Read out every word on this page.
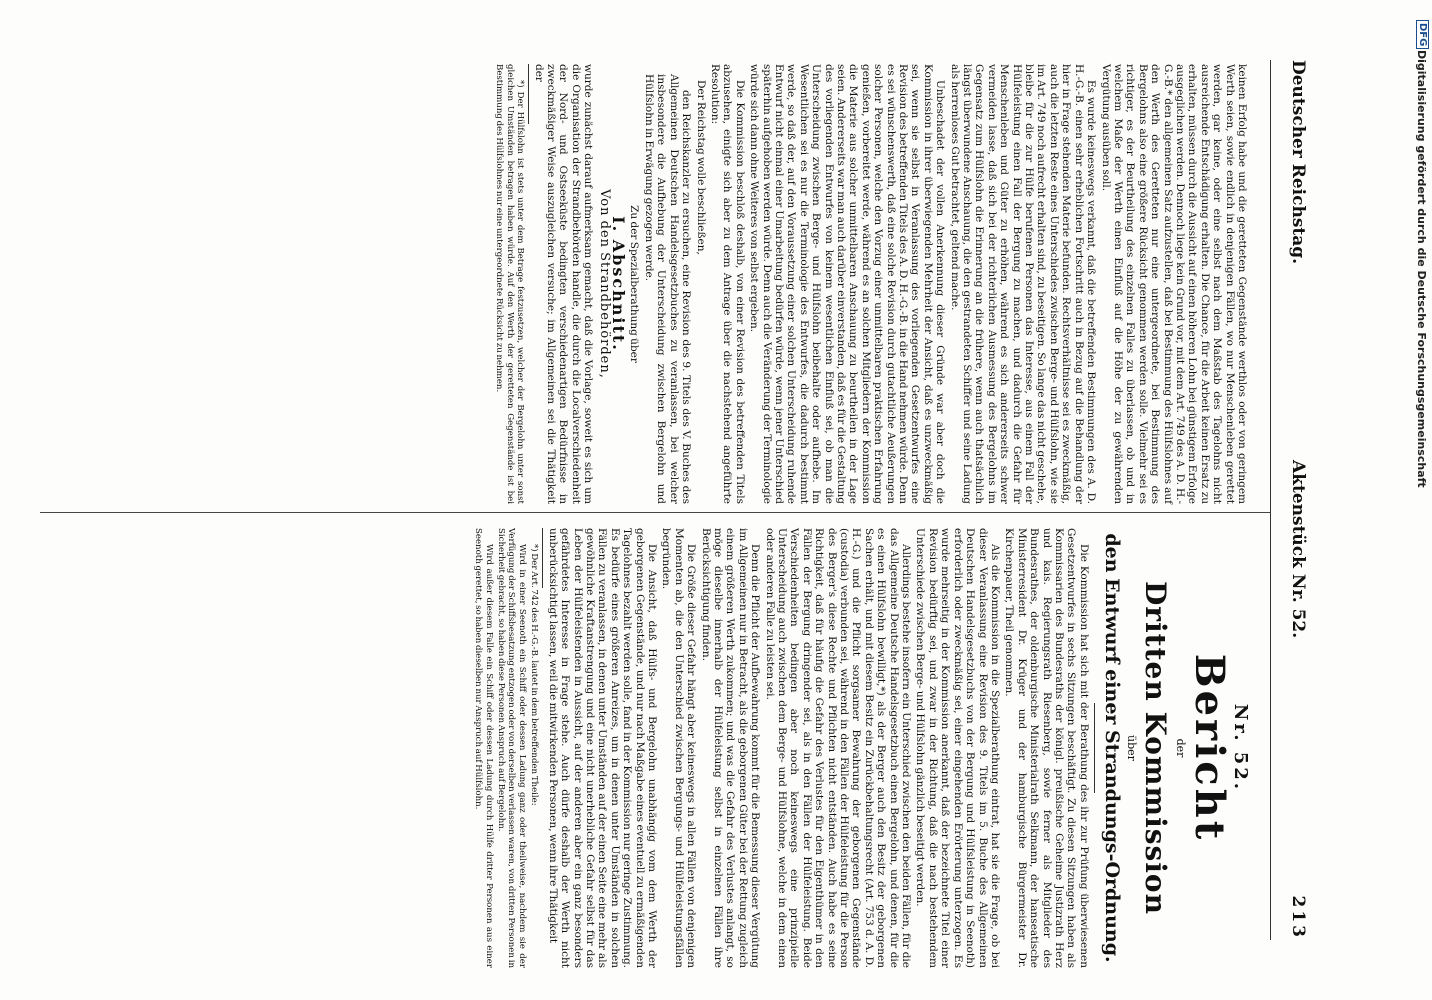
Deutscher Reichstag.
Aktenstück Nr. 52.
213
Nr. 52.
Bericht
der
Dritten Kommission
über
den Entwurf einer Strandungs-Ordnung.

Die Kommission hat sich mit der Berathung des ihr zur Prüfung überwiesenen Gesetzentwurfes in sechs Sitzungen beschäftigt. Zu diesen Sitzungen haben als Kommissarien des Bundesraths der königl. preußische Geheime Justizrath Herz und kais. Regierungsrath Riesenberg, sowie ferner als Mitglieder des Bundesrathes, der oldenburgische Ministerialrath Selkmann, der hanseatische Ministerresident Dr. Krüger und der hamburgische Bürgermeister Dr. Kirchenpauer, Theil genommen.

Als die Kommission in die Spezialberathung eintrat, hat sie die Frage, ob bei dieser Veranlassung eine Revision des 9. Titels im 5. Buche des Allgemeinen Deutschen Handelsgesetzbuchs von der Bergung und Hülfsleistung in Seenoth) erforderlich oder zweckmäßig sei, einer eingehenden Erörterung unterzogen. Es wurde mehrseitig in der Kommission anerkannt, daß der bezeichnete Titel einer Revision bedürftig sei, und zwar in der Richtung, daß die nach bestehendem Unterschiede zwischen Berge- und Hülfslohn gänzlich beseitigt werden.

Allerdings bestehe insofern ein Unterschied zwischen den beiden Fällen, für die das Allgemeine Deutsche Handelsgesetzbuch einen Bergelohn, und denen, für die es einen Hülfslohn bewilligt,*) als der Berger auch den Besitz der geborgenen Sachen erhält, und mit diesem Besitz ein Zurückbehaltungsrecht (Art. 753 d. A. D. H.-G.) und die Pflicht sorgsamer Bewahrung der geborgenen Gegenstände (custodia) verbunden sei, während in den Fällen der Hülfeleistung für die Person des Berger's diese Rechte und Pflichten nicht entständen. Auch habe es seine Richtigkeit, daß für häufig die Gefahr des Verlustes für den Eigenthümer in den Fällen der Bergung dringender sei, als in den Fällen der Hülfeleistung. Beide Verschiedenheiten bedingen aber noch keineswegs eine prinzipielle Unterscheidung auch zwischen dem Berge- und Hülfslohne, welche in dem einen oder anderen Falle zu leisten sei.

Denn die Pflicht der Aufbewahrung kommt für die Bemessung dieser Vergütung im Allgemeinen nur in Betracht, als die geborgenen Güter bei der Rettung zugleich einem größeren Werth zukommen; und was die Gefahr des Verlustes anlangt, so möge dieselbe innerhalb der Hülfeleistung selbst in einzelnen Fällen ihre Berücksichtigung finden.

Die Größe dieser Gefahr hängt aber keineswegs in allen Fällen von denjenigen Momenten ab, die den Unterschied zwischen Bergungs- und Hülfeleistungsfällen begründen.

Die Ansicht, daß Hülfs- und Bergelohn unabhängig vom dem Werth der geborgenen Gegenstände, und nur nach Maßgabe eines eventuell zu ermäßigenden Tagelohnes bezahlt werden solle, fand in der Kommission nur geringe Zustimmung. Es bedürfe eines größeren Anreizes, um in denen unter Umständen in solchen Fällen zu veranlassen, in denen unter Umständen auf der einen Seite eine mehr als gewöhnliche Kraftanstrengung und eine nicht unerhebliche Gefahr selbst für das Leben der Hülfeleistenden in Aussicht, auf der anderen aber ein ganz besonders gefährdetes Interesse in Frage stehe. Auch dürfe deshalb der Werth nicht unberücksichtigt lassen, weil die mitwirkenden Personen, wenn ihre Thätigkeit

*) Der Art. 742 des H.-G.-B. lautet in dem betreffenden Theile:

Wird in einer Seenoth ein Schiff oder dessen Ladung ganz oder theilweise, nachdem sie der Verfügung der Schiffsbesatzung entzogen oder von derselben verlassen waren, von dritten Personen in Sicherheit gebracht, so haben diese Personen Anspruch auf Bergelohn.

Wird außer diesem Falle ein Schiff oder dessen Ladung durch Hülfe dritter Personen aus einer Seenoth gerettet, so haben dieselben nur Anspruch auf Hülfslohn.

keinen Erfolg habe und die geretteten Gegenstände werthlos oder von geringem Werth seien, sowie endlich in denjenigen Fällen, wo nur Menschenleben gerettet werden, gar keine, oder eine selbst nach dem Maßstab des Tagelohns nicht ausreichende Entschädigung erhalten. Die Chance, für die Arbeit keinen Ersatz zu erhalten, müssen durch die Aussicht auf einen höheren Lohn bei günstigem Erfolge ausgeglichen werden. Dennoch liege kein Grund vor, mit dem Art. 749 des A. D. H.-G.-B.* den allgemeinen Satz aufzustellen, daß bei Bestimmung des Hülfslohnes auf den Werth des Geretteten nur eine untergeordnete, bei Bestimmung des Bergelohns also eine größere Rücksicht genommen werden solle. Vielmehr sei es richtiger, es der Beurtheilung des einzelnen Falles zu überlassen, ob und in welchem Maße der Werth einen Einfluß auf die Höhe der zu gewährenden Vergütung ausüben soll.

Es wurde keineswegs verkannt, daß die betreffenden Bestimmungen des A. D. H.-G.-B. einen sehr erheblichen Fortschritt auch in Bezug auf die Behandlung der hier in Frage stehenden Materie befunden. Rechtsverhältnisse sei es zweckmäßig, auch die letzten Reste eines Unterschiedes zwischen Berge- und Hülfslohn, wie sie im Art. 749 noch aufrecht erhalten sind, zu beseitigen. So lange das nicht geschehe, bleibe für die zur Hülfe berufenen Personen das Interesse, aus einem Fall der Hülfeleistung einen Fall der Bergung zu machen, und dadurch die Gefahr für Menschenleben und Güter zu erhöhen, während es sich andererseits schwer vermeiden lasse, daß sich bei der richterlichen Ausmessung des Bergelohns im Gegensatz zum Hülfslohn die Erinnerung an die frühere, wenn auch thatsächlich längst überwundene Anschauung, die den gestrandeten Schiffer und seine Ladung als herrenloses Gut betrachtet, geltend mache.

Unbeschadet der vollen Anerkennung dieser Gründe war aber doch die Kommission in ihrer überwiegenden Mehrheit der Ansicht, daß es unzweckmäßig sei, wenn sie selbst in Veranlassung des vorliegenden Gesetzentwurfes eine Revision des betreffenden Titels des A. D. H.-G.-B. in die Hand nehmen würde. Denn es sei wünschenswerth, daß eine solche Revision durch gutachtliche Aeußerungen solcher Personen, welche den Vorzug einer unmittelbaren praktischen Erfahrung genießen, vorbereitet werde, während es an solchen Mitgliedern der Kommission die Materie aus solcher unmittelbaren Anschauung zu beurtheilen in der Lage seien. Andererseits war man auch darüber einverstanden, daß es für die Gestaltung des vorliegenden Entwurfes von keinem wesentlichen Einfluß sei, ob man die Unterscheidung zwischen Berge- und Hülfslohn beibehalte oder aufhebe. Im Wesentlichen sei es nur die Terminologie des Entwurfes, die dadurch bestimmt werde, so daß der, auf den Voraussetzung einer solchen Unterscheidung ruhende Entwurf nicht einmal einer Umarbeitung bedürfen würde, wenn jener Unterschied späterhin aufgehoben werden würde. Denn auch die Veränderung der Terminologie würde sich dann ohne Weiteres von selbst ergeben.

Die Kommission beschloß deshalb, von einer Revision des betreffenden Titels abzusehen, einigte sich aber zu dem Antrage über die nachstehend angeführte Resolution:

Der Reichstag wolle beschließen,

den Reichskanzler zu ersuchen, eine Revision des 9. Titels des V. Buches des Allgemeinen Deutschen Handelsgesetzbuches zu veranlassen, bei welcher insbesondere die Aufhebung der Unterscheidung zwischen Bergelohn und Hülfslohn in Erwägung gezogen werde.

Zu der Spezialberathung über

I. Abschnitt.
Von den Strandbehörden,

wurde zunächst darauf aufmerksam gemacht, daß die Vorlage, soweit es sich um die Organisation der Strandbehörden handle, die durch die Localverschiedenheit der Nord- und Ostseeküste bedingten verschiedenartigen Bedürfnisse in zweckmäßiger Weise auszugleichen versuche; im Allgemeinen sei die Thätigkeit der

*) Der Hülfslohn ist stets unter dem Betrage festzusetzen, welcher der Bergelohn unter sonst gleichen Umständen betragen haben würde. Auf den Werth der geretteten Gegenstände ist bei Bestimmung des Hülfslohnes nur eine untergeordnete Rücksicht zu nehmen.

DFG
Digitalisierung gefördert durch die Deutsche Forschungsgemeinschaft
